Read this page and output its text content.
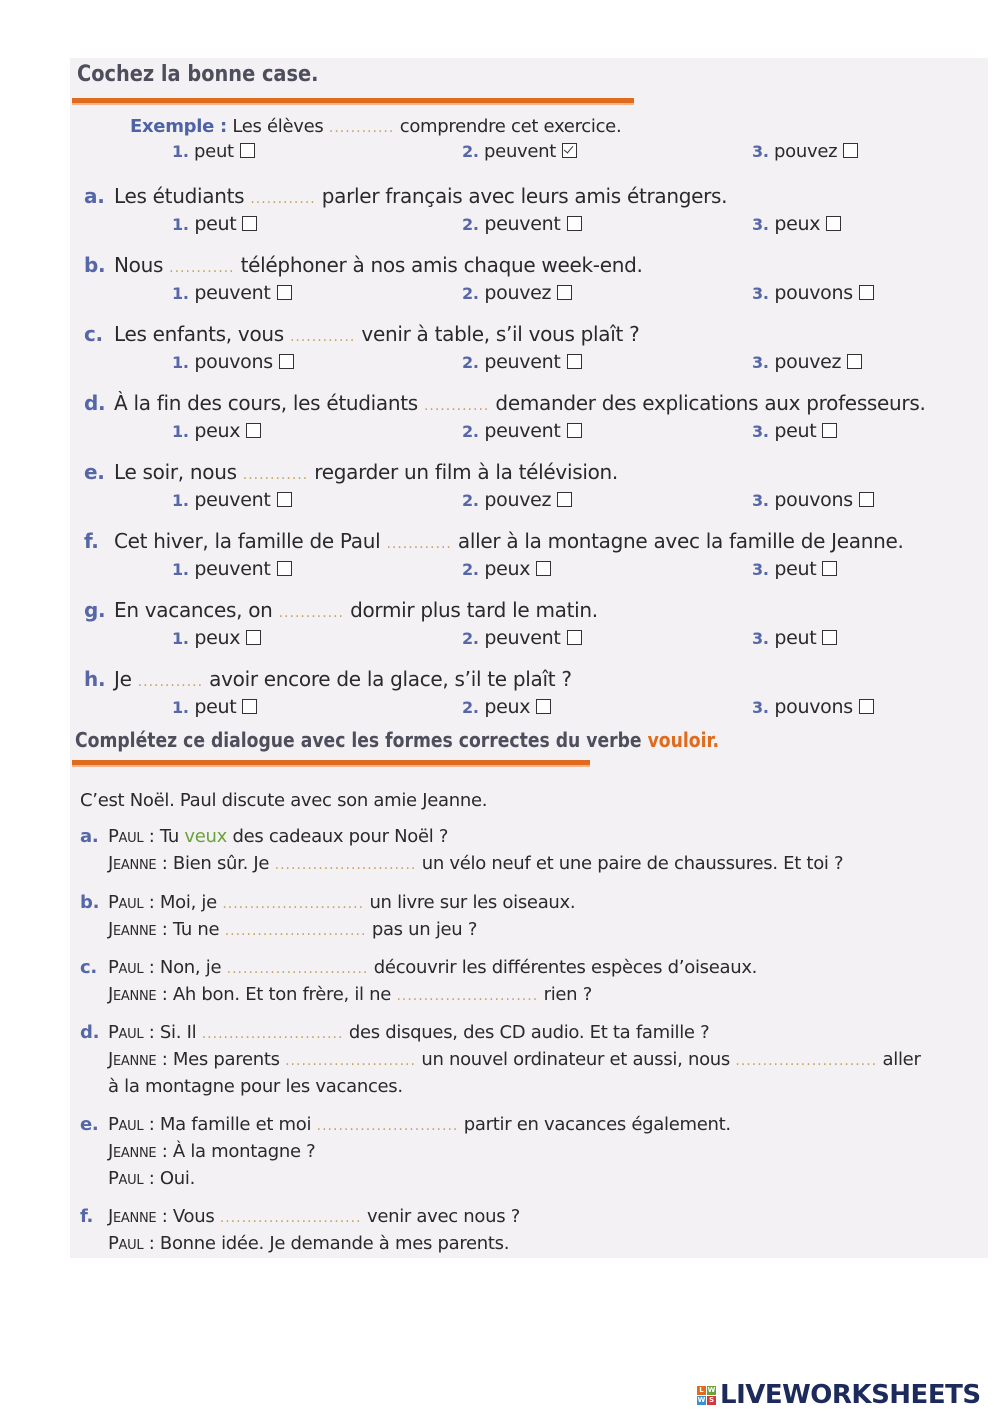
Cochez la bonne case.
Exemple : Les élèves ............ comprendre cet exercice.
1. peut	2. peuvent	3. pouvez
a. Les étudiants ............ parler français avec leurs amis étrangers.
1. peut	2. peuvent	3. peux
b. Nous ............ téléphoner à nos amis chaque week-end.
1. peuvent	2. pouvez	3. pouvons
c. Les enfants, vous ............ venir à table, s’il vous plaît ?
1. pouvons	2. peuvent	3. pouvez
d. À la fin des cours, les étudiants ............ demander des explications aux professeurs.
1. peux	2. peuvent	3. peut
e. Le soir, nous ............ regarder un film à la télévision.
1. peuvent	2. pouvez	3. pouvons
f. Cet hiver, la famille de Paul ............ aller à la montagne avec la famille de Jeanne.
1. peuvent	2. peux	3. peut
g. En vacances, on ............ dormir plus tard le matin.
1. peux	2. peuvent	3. peut
h. Je ............ avoir encore de la glace, s’il te plaît ?
1. peut	2. peux	3. pouvons
Complétez ce dialogue avec les formes correctes du verbe vouloir.
C’est Noël. Paul discute avec son amie Jeanne.
a. Paul : Tu veux des cadeaux pour Noël ?
Jeanne : Bien sûr. Je .......................... un vélo neuf et une paire de chaussures. Et toi ?
b. Paul : Moi, je .......................... un livre sur les oiseaux.
Jeanne : Tu ne .......................... pas un jeu ?
c. Paul : Non, je .......................... découvrir les différentes espèces d’oiseaux.
Jeanne : Ah bon. Et ton frère, il ne .......................... rien ?
d. Paul : Si. Il .......................... des disques, des CD audio. Et ta famille ?
Jeanne : Mes parents ........................ un nouvel ordinateur et aussi, nous .......................... aller
à la montagne pour les vacances.
e. Paul : Ma famille et moi .......................... partir en vacances également.
Jeanne : À la montagne ?
Paul : Oui.
f. Jeanne : Vous .......................... venir avec nous ?
Paul : Bonne idée. Je demande à mes parents.
L W
W S LIVEWORKSHEETS
